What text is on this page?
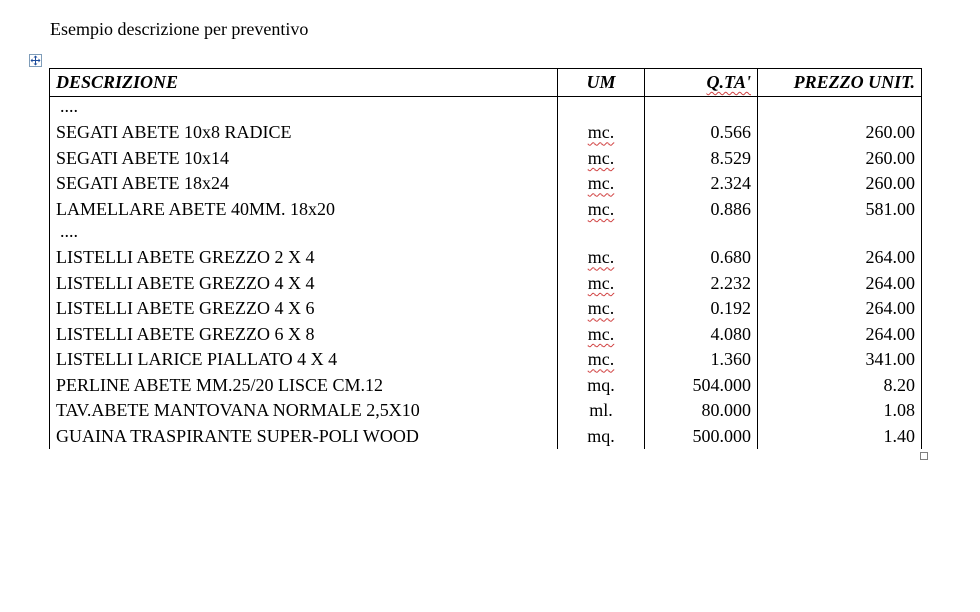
Esempio descrizione per preventivo
DESCRIZIONE	UM	Q.TA'	PREZZO UNIT.
....			
SEGATI ABETE 10x8 RADICE	mc.	0.566	260.00
SEGATI ABETE 10x14	mc.	8.529	260.00
SEGATI ABETE 18x24	mc.	2.324	260.00
LAMELLARE ABETE 40MM. 18x20	mc.	0.886	581.00
....			
LISTELLI ABETE GREZZO 2 X 4	mc.	0.680	264.00
LISTELLI ABETE GREZZO 4 X 4	mc.	2.232	264.00
LISTELLI ABETE GREZZO 4 X 6	mc.	0.192	264.00
LISTELLI ABETE GREZZO 6 X 8	mc.	4.080	264.00
LISTELLI LARICE PIALLATO 4 X 4	mc.	1.360	341.00
PERLINE ABETE MM.25/20 LISCE CM.12	mq.	504.000	8.20
TAV.ABETE MANTOVANA NORMALE 2,5X10	ml.	80.000	1.08
GUAINA TRASPIRANTE SUPER-POLI WOOD	mq.	500.000	1.40
